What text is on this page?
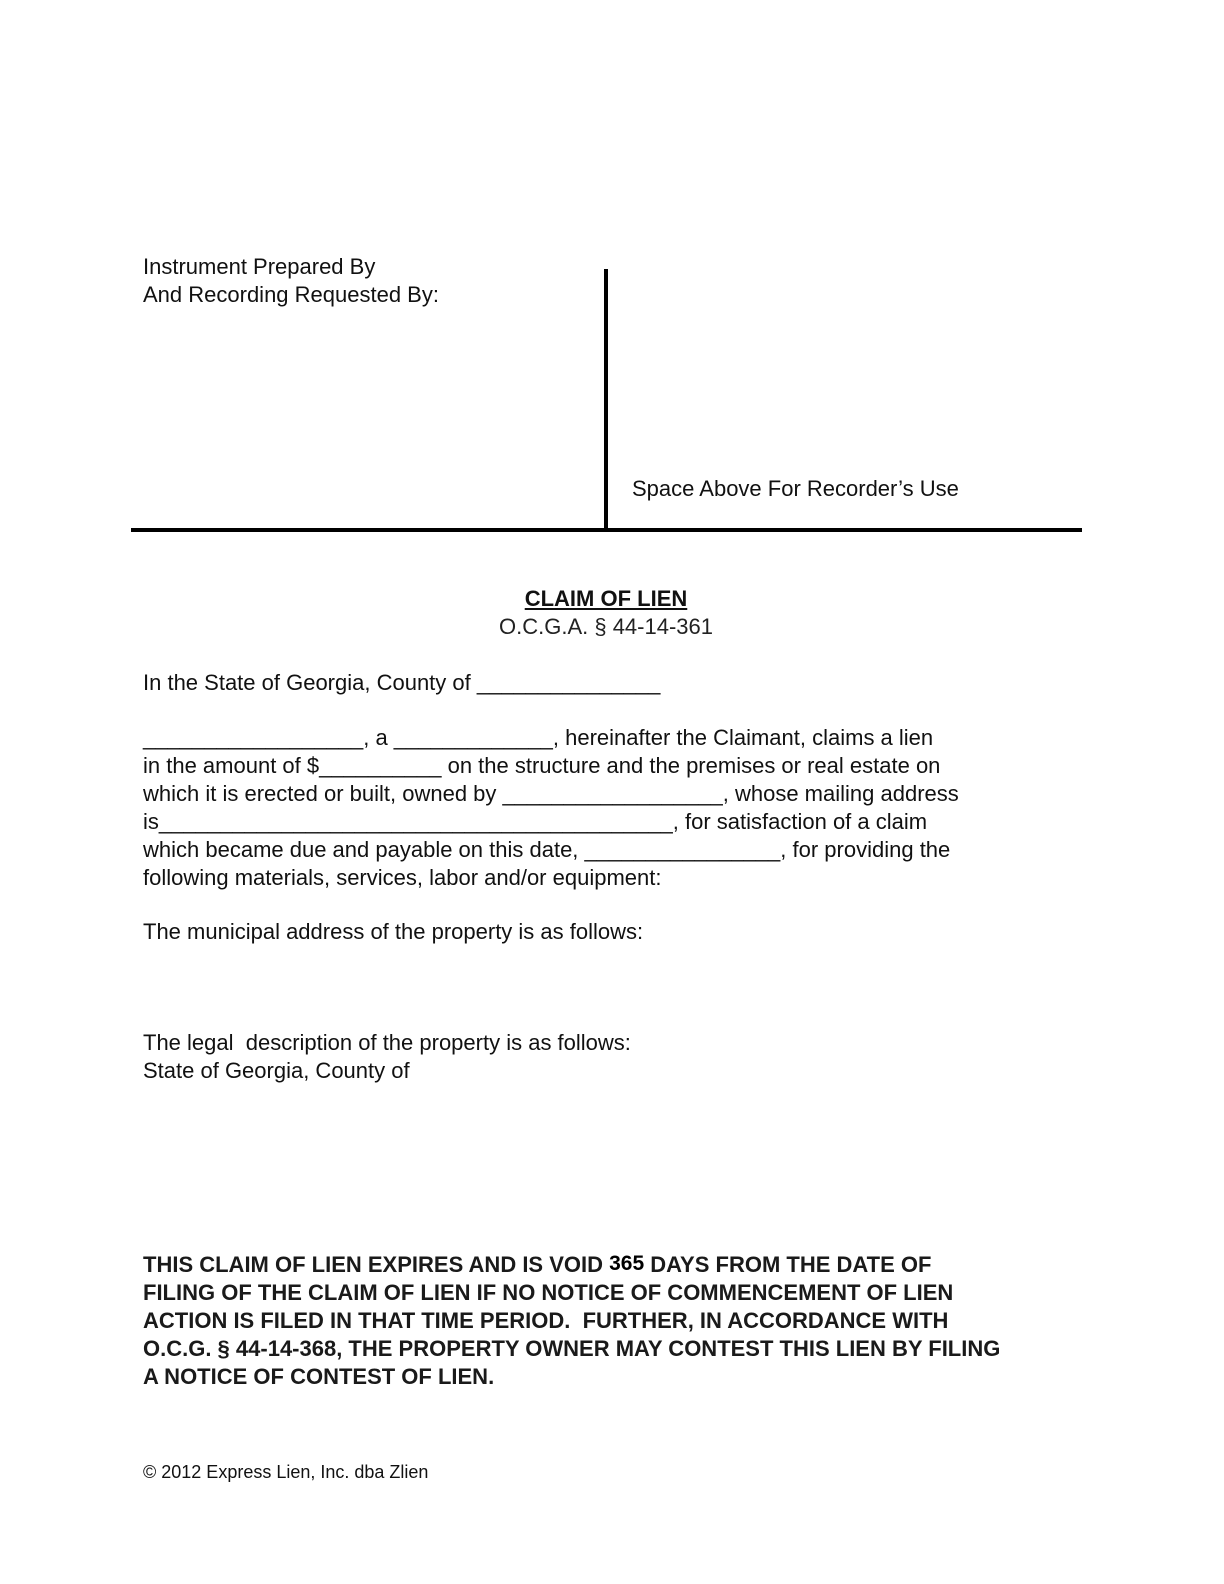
Instrument Prepared By
And Recording Requested By:
Space Above For Recorder’s Use
CLAIM OF LIEN
O.C.G.A. § 44-14-361
In the State of Georgia, County of _______________
__________________, a _____________, hereinafter the Claimant, claims a lien
in the amount of $__________ on the structure and the premises or real estate on
which it is erected or built, owned by __________________, whose mailing address
is__________________________________________, for satisfaction of a claim
which became due and payable on this date, ________________, for providing the
following materials, services, labor and/or equipment:
The municipal address of the property is as follows:
The legal  description of the property is as follows:
State of Georgia, County of
THIS CLAIM OF LIEN EXPIRES AND IS VOID 365 DAYS FROM THE DATE OF
FILING OF THE CLAIM OF LIEN IF NO NOTICE OF COMMENCEMENT OF LIEN
ACTION IS FILED IN THAT TIME PERIOD.  FURTHER, IN ACCORDANCE WITH
O.C.G. § 44-14-368, THE PROPERTY OWNER MAY CONTEST THIS LIEN BY FILING
A NOTICE OF CONTEST OF LIEN.
© 2012 Express Lien, Inc. dba Zlien
